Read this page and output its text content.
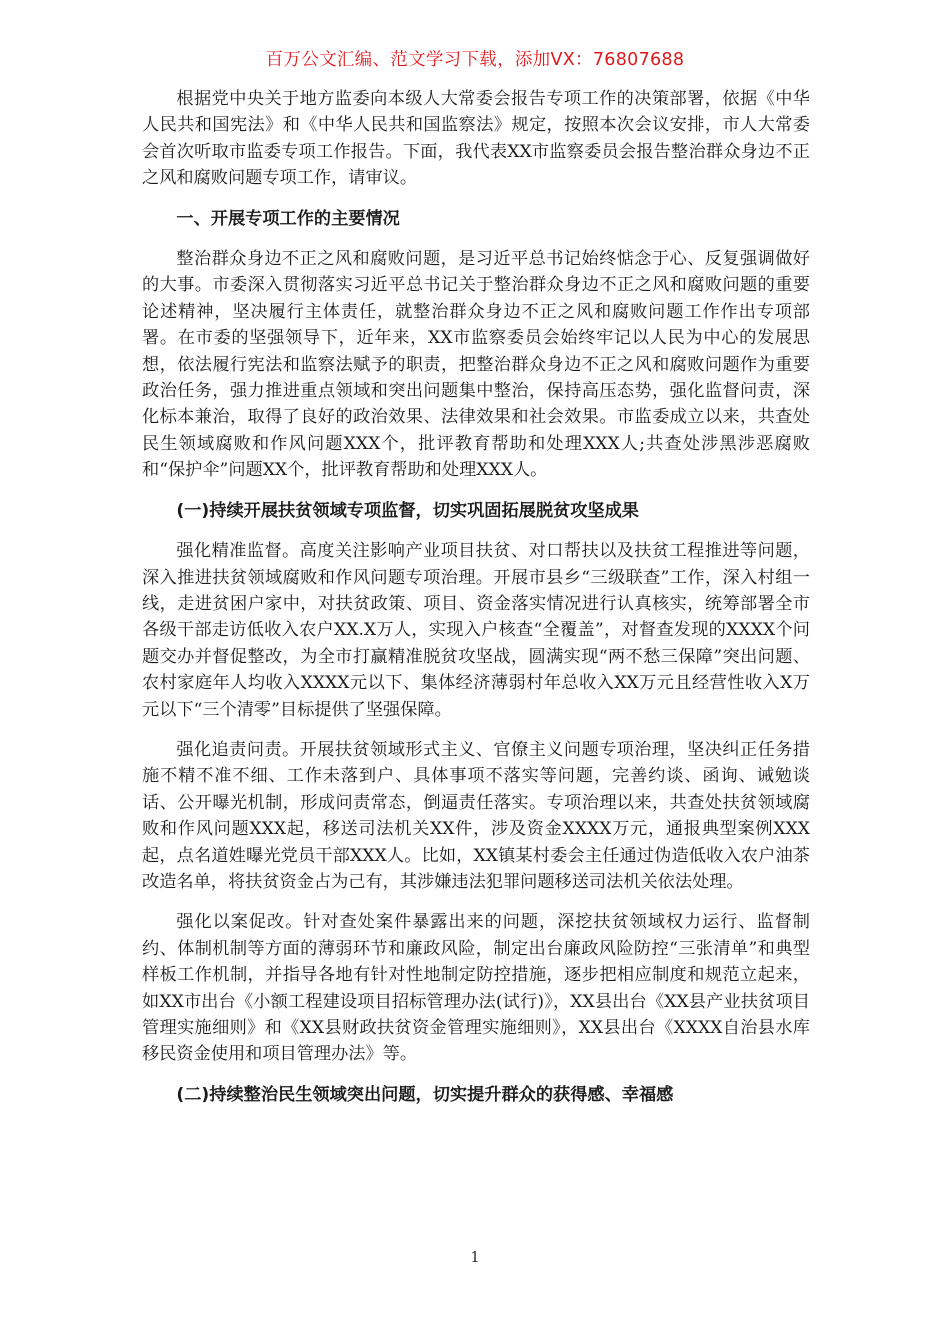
百万公文汇编、范文学习下载，添加VX：76807688

根据党中央关于地方监委向本级人大常委会报告专项工作的决策部署，依据《中华人民共和国宪法》和《中华人民共和国监察法》规定，按照本次会议安排，市人大常委会首次听取市监委专项工作报告。下面，我代表XX市监察委员会报告整治群众身边不正之风和腐败问题专项工作，请审议。

一、开展专项工作的主要情况

整治群众身边不正之风和腐败问题，是习近平总书记始终惦念于心、反复强调做好的大事。市委深入贯彻落实习近平总书记关于整治群众身边不正之风和腐败问题的重要论述精神，坚决履行主体责任，就整治群众身边不正之风和腐败问题工作作出专项部署。在市委的坚强领导下，近年来，XX市监察委员会始终牢记以人民为中心的发展思想，依法履行宪法和监察法赋予的职责，把整治群众身边不正之风和腐败问题作为重要政治任务，强力推进重点领域和突出问题集中整治，保持高压态势，强化监督问责，深化标本兼治，取得了良好的政治效果、法律效果和社会效果。市监委成立以来，共查处民生领域腐败和作风问题XXX个，批评教育帮助和处理XXX人;共查处涉黑涉恶腐败和“保护伞”问题XX个，批评教育帮助和处理XXX人。

(一)持续开展扶贫领域专项监督，切实巩固拓展脱贫攻坚成果

强化精准监督。高度关注影响产业项目扶贫、对口帮扶以及扶贫工程推进等问题，深入推进扶贫领域腐败和作风问题专项治理。开展市县乡“三级联查”工作，深入村组一线，走进贫困户家中，对扶贫政策、项目、资金落实情况进行认真核实，统筹部署全市各级干部走访低收入农户XX.X万人，实现入户核查“全覆盖”，对督查发现的XXXX个问题交办并督促整改，为全市打赢精准脱贫攻坚战，圆满实现“两不愁三保障”突出问题、农村家庭年人均收入XXXX元以下、集体经济薄弱村年总收入XX万元且经营性收入X万元以下“三个清零”目标提供了坚强保障。

强化追责问责。开展扶贫领域形式主义、官僚主义问题专项治理，坚决纠正任务措施不精不准不细、工作未落到户、具体事项不落实等问题，完善约谈、函询、诫勉谈话、公开曝光机制，形成问责常态，倒逼责任落实。专项治理以来，共查处扶贫领域腐败和作风问题XXX起，移送司法机关XX件，涉及资金XXXX万元，通报典型案例XXX起，点名道姓曝光党员干部XXX人。比如，XX镇某村委会主任通过伪造低收入农户油茶改造名单，将扶贫资金占为己有，其涉嫌违法犯罪问题移送司法机关依法处理。

强化以案促改。针对查处案件暴露出来的问题，深挖扶贫领域权力运行、监督制约、体制机制等方面的薄弱环节和廉政风险，制定出台廉政风险防控“三张清单”和典型样板工作机制，并指导各地有针对性地制定防控措施，逐步把相应制度和规范立起来，如XX市出台《小额工程建设项目招标管理办法(试行)》，XX县出台《XX县产业扶贫项目管理实施细则》和《XX县财政扶贫资金管理实施细则》，XX县出台《XXXX自治县水库移民资金使用和项目管理办法》等。

(二)持续整治民生领域突出问题，切实提升群众的获得感、幸福感

1
